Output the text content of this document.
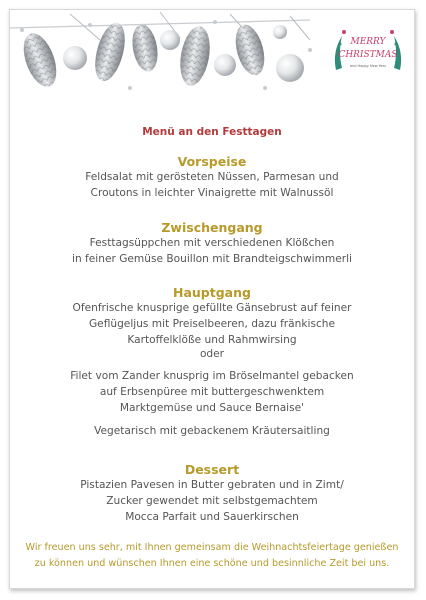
MERRY
CHRISTMAS
and Happy New Year
Menü an den Festtagen
Vorspeise
Feldsalat mit gerösteten Nüssen, Parmesan und
Croutons in leichter Vinaigrette mit Walnussöl
Zwischengang
Festtagsüppchen mit verschiedenen Klößchen
in feiner Gemüse Bouillon mit Brandteigschwimmerli
Hauptgang
Ofenfrische knusprige gefüllte Gänsebrust auf feiner
Geflügeljus mit Preiselbeeren, dazu fränkische
Kartoffelklöße und Rahmwirsing
oder
Filet vom Zander knusprig im Bröselmantel gebacken
auf Erbsenpüree mit buttergeschwenktem
Marktgemüse und Sauce Bernaise'
Vegetarisch mit gebackenem Kräutersaitling
Dessert
Pistazien Pavesen in Butter gebraten und in Zimt/
Zucker gewendet mit selbstgemachtem
Mocca Parfait und Sauerkirschen
Wir freuen uns sehr, mit Ihnen gemeinsam die Weihnachtsfeiertage genießen
zu können und wünschen Ihnen eine schöne und besinnliche Zeit bei uns.
